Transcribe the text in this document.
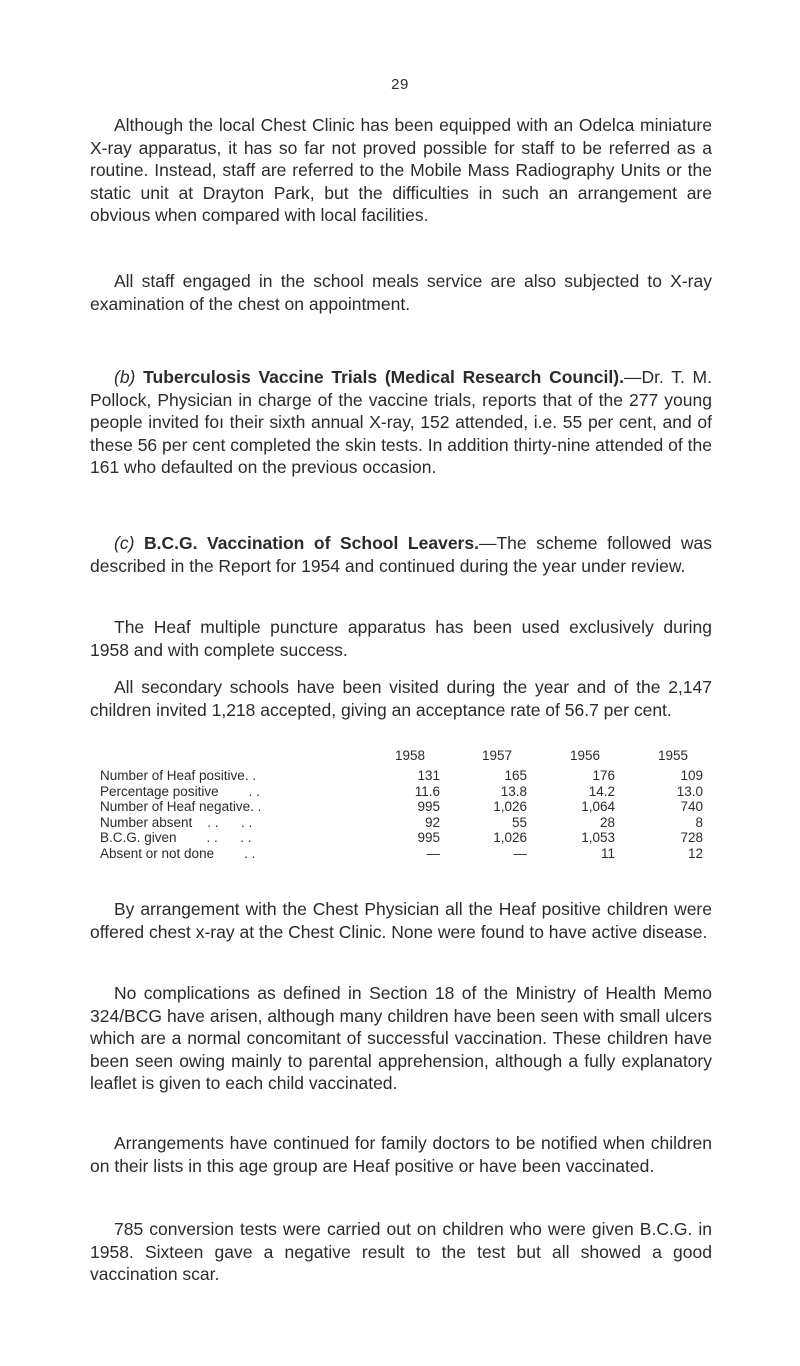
29

Although the local Chest Clinic has been equipped with an Odelca miniature X-ray apparatus, it has so far not proved possible for staff to be referred as a routine. Instead, staff are referred to the Mobile Mass Radiography Units or the static unit at Drayton Park, but the difficulties in such an arrangement are obvious when compared with local facilities.

All staff engaged in the school meals service are also subjected to X-ray examination of the chest on appointment.

(b) Tuberculosis Vaccine Trials (Medical Research Council).—Dr. T. M. Pollock, Physician in charge of the vaccine trials, reports that of the 277 young people invited foı their sixth annual X-ray, 152 attended, i.e. 55 per cent, and of these 56 per cent completed the skin tests. In addition thirty-nine attended of the 161 who defaulted on the previous occasion.

(c) B.C.G. Vaccination of School Leavers.—The scheme followed was described in the Report for 1954 and continued during the year under review.

The Heaf multiple puncture apparatus has been used exclusively during 1958 and with complete success.

All secondary schools have been visited during the year and of the 2,147 children invited 1,218 accepted, giving an acceptance rate of 56.7 per cent.

1958	1957	1956	1955
Number of Heaf positive. .	131	165	176	109
Percentage positive        . .	11.6	13.8	14.2	13.0
Number of Heaf negative. .	995	1,026	1,064	740
Number absent    . .      . .	92	55	28	8
B.C.G. given        . .      . .	995	1,026	1,053	728
Absent or not done        . .	—	—	11	12

By arrangement with the Chest Physician all the Heaf positive children were offered chest x-ray at the Chest Clinic. None were found to have active disease.

No complications as defined in Section 18 of the Ministry of Health Memo 324/BCG have arisen, although many children have been seen with small ulcers which are a normal concomitant of successful vaccination. These children have been seen owing mainly to parental apprehension, although a fully explanatory leaflet is given to each child vaccinated.

Arrangements have continued for family doctors to be notified when children on their lists in this age group are Heaf positive or have been vaccinated.

785 conversion tests were carried out on children who were given B.C.G. in 1958. Sixteen gave a negative result to the test but all showed a good vaccination scar.
